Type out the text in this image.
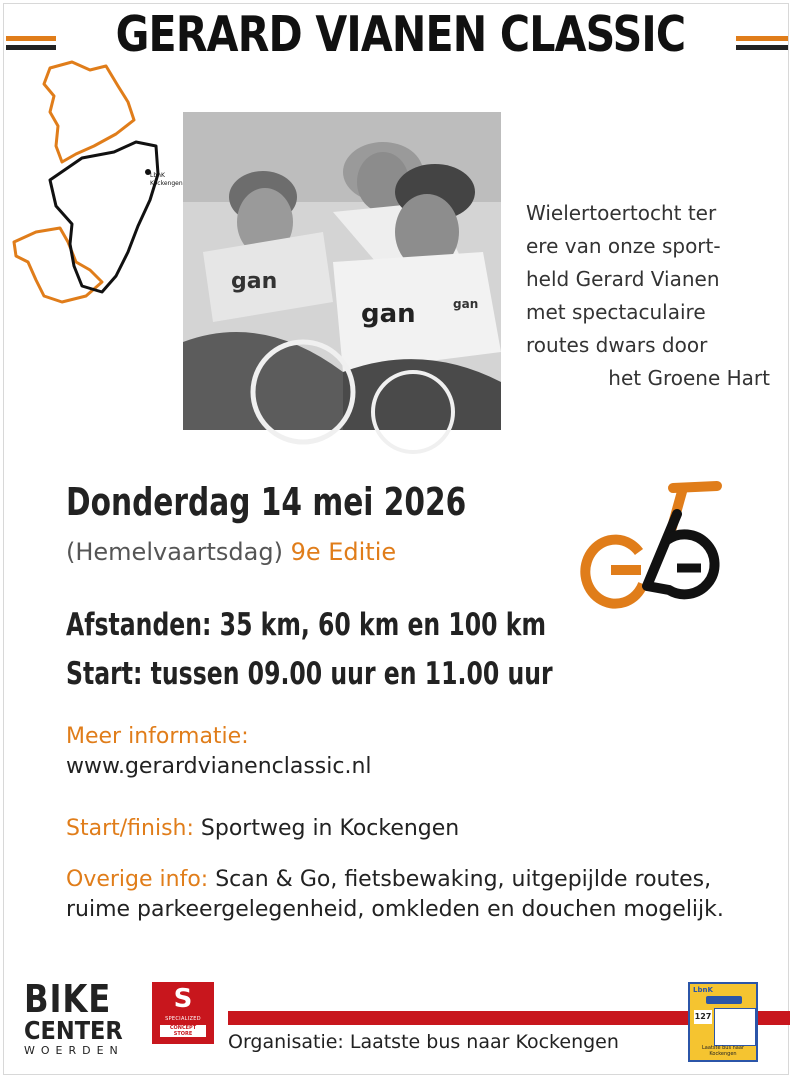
GERARD VIANEN CLASSIC
LbnK
Kockengen
gan
gan	gan
Wielertoertocht ter
ere van onze sport-
held Gerard Vianen
met spectaculaire
routes dwars door
het Groene Hart
Donderdag 14 mei 2026
(Hemelvaartsdag) 9e Editie
Afstanden: 35 km, 60 km en 100 km
Start: tussen 09.00 uur en 11.00 uur
Meer informatie:
www.gerardvianenclassic.nl
Start/finish: Sportweg in Kockengen
Overige info: Scan & Go, fietsbewaking, uitgepijlde routes, ruime parkeergelegenheid, omkleden en douchen mogelijk.
BIKE
CENTER
WOERDEN
S
SPECIALIZED
CONCEPT STORE	Organisatie: Laatste bus naar Kockengen
LbnK
127
Laatste bus naar Kockengen
